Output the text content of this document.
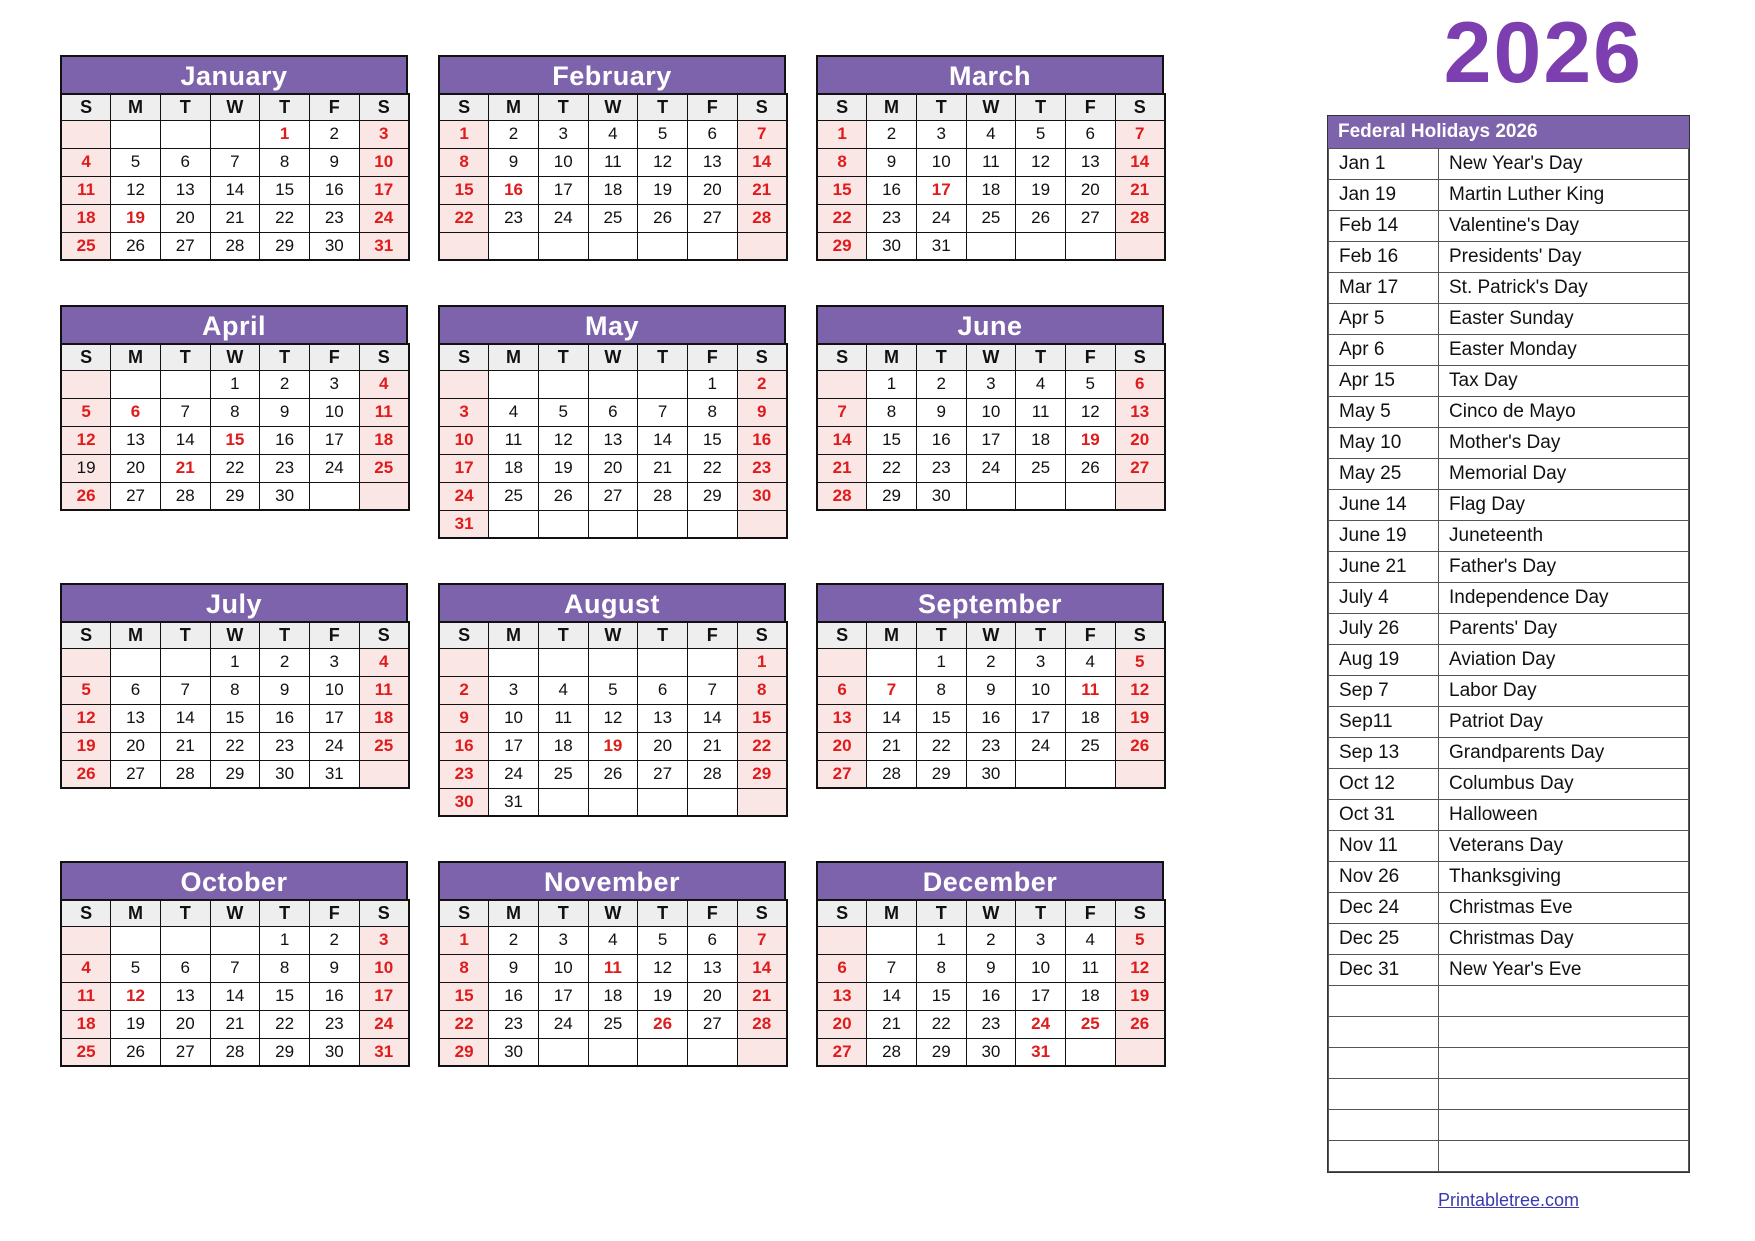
January
S	M	T	W	T	F	S
				1	2	3
4	5	6	7	8	9	10
11	12	13	14	15	16	17
18	19	20	21	22	23	24
25	26	27	28	29	30	31
February
S	M	T	W	T	F	S
1	2	3	4	5	6	7
8	9	10	11	12	13	14
15	16	17	18	19	20	21
22	23	24	25	26	27	28

March
S	M	T	W	T	F	S
1	2	3	4	5	6	7
8	9	10	11	12	13	14
15	16	17	18	19	20	21
22	23	24	25	26	27	28
29	30	31				
April
S	M	T	W	T	F	S
			1	2	3	4
5	6	7	8	9	10	11
12	13	14	15	16	17	18
19	20	21	22	23	24	25
26	27	28	29	30		
May
S	M	T	W	T	F	S
					1	2
3	4	5	6	7	8	9
10	11	12	13	14	15	16
17	18	19	20	21	22	23
24	25	26	27	28	29	30
31						
June
S	M	T	W	T	F	S
	1	2	3	4	5	6
7	8	9	10	11	12	13
14	15	16	17	18	19	20
21	22	23	24	25	26	27
28	29	30				
July
S	M	T	W	T	F	S
			1	2	3	4
5	6	7	8	9	10	11
12	13	14	15	16	17	18
19	20	21	22	23	24	25
26	27	28	29	30	31	
August
S	M	T	W	T	F	S
						1
2	3	4	5	6	7	8
9	10	11	12	13	14	15
16	17	18	19	20	21	22
23	24	25	26	27	28	29
30	31					
September
S	M	T	W	T	F	S
		1	2	3	4	5
6	7	8	9	10	11	12
13	14	15	16	17	18	19
20	21	22	23	24	25	26
27	28	29	30			
October
S	M	T	W	T	F	S
				1	2	3
4	5	6	7	8	9	10
11	12	13	14	15	16	17
18	19	20	21	22	23	24
25	26	27	28	29	30	31
November
S	M	T	W	T	F	S
1	2	3	4	5	6	7
8	9	10	11	12	13	14
15	16	17	18	19	20	21
22	23	24	25	26	27	28
29	30					
December
S	M	T	W	T	F	S
		1	2	3	4	5
6	7	8	9	10	11	12
13	14	15	16	17	18	19
20	21	22	23	24	25	26
27	28	29	30	31		
2026
Federal Holidays 2026
Jan 1	New Year's Day
Jan 19	Martin Luther King
Feb 14	Valentine's Day
Feb 16	Presidents' Day
Mar 17	St. Patrick's Day
Apr 5	Easter Sunday
Apr 6	Easter Monday
Apr 15	Tax Day
May 5	Cinco de Mayo
May 10	Mother's Day
May 25	Memorial Day
June 14	Flag Day
June 19	Juneteenth
June 21	Father's Day
July 4	Independence Day
July 26	Parents' Day
Aug 19	Aviation Day
Sep 7	Labor Day
Sep11	Patriot Day
Sep 13	Grandparents Day
Oct 12	Columbus Day
Oct 31	Halloween
Nov 11	Veterans Day
Nov 26	Thanksgiving
Dec 24	Christmas Eve
Dec 25	Christmas Day
Dec 31	New Year's Eve

Printabletree.com
